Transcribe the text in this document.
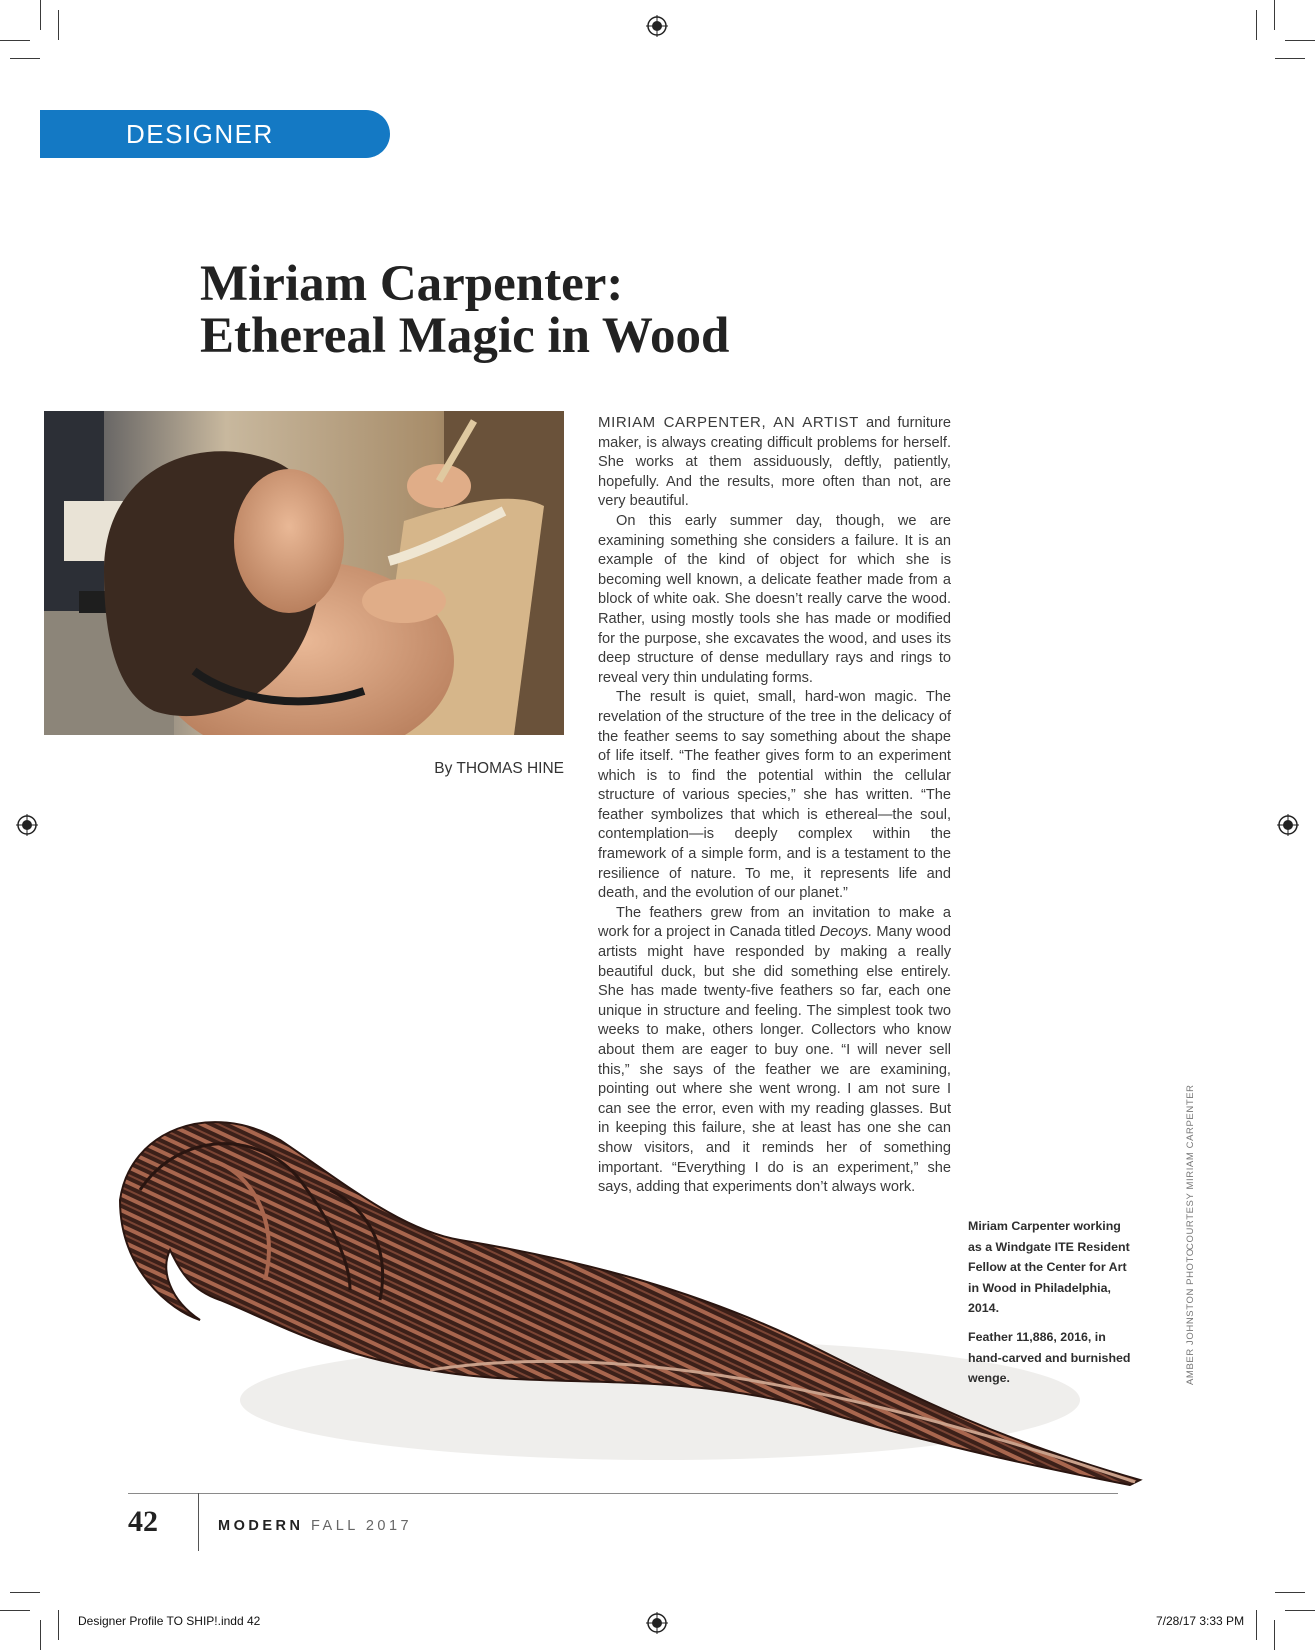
DESIGNER PROFILE
Miriam Carpenter:
Ethereal Magic in Wood
By THOMAS HINE

MIRIAM CARPENTER, AN ARTIST and furniture maker, is always creating difficult problems for herself. She works at them assiduously, deftly, patiently, hopefully. And the results, more often than not, are very beautiful.

On this early summer day, though, we are examining something she considers a failure. It is an example of the kind of object for which she is becoming well known, a delicate feather made from a block of white oak. She doesn’t really carve the wood. Rather, using mostly tools she has made or modified for the purpose, she excavates the wood, and uses its deep structure of dense medullary rays and rings to reveal very thin undulating forms.

The result is quiet, small, hard-won magic. The revelation of the structure of the tree in the delicacy of the feather seems to say something about the shape of life itself. “The feather gives form to an experiment which is to find the potential within the cellular structure of various species,” she has written. “The feather symbolizes that which is ethereal—the soul, contemplation—is deeply complex within the framework of a simple form, and is a testament to the resilience of nature. To me, it represents life and death, and the evolution of our planet.”

The feathers grew from an invitation to make a work for a project in Canada titled Decoys. Many wood artists might have responded by making a really beautiful duck, but she did something else entirely. She has made twenty-five feathers so far, each one unique in structure and feeling. The simplest took two weeks to make, others longer. Collectors who know about them are eager to buy one. “I will never sell this,” she says of the feather we are examining, pointing out where she went wrong. I am not sure I can see the error, even with my reading glasses. But in keeping this failure, she at least has one she can show visitors, and it reminds her of something important. “Everything I do is an experiment,” she says, adding that experiments don’t always work.

Miriam Carpenter working as a Windgate ITE Resident Fellow at the Center for Art in Wood in Philadelphia, 2014.
Feather 11,886, 2016, in hand-carved and burnished wenge.
COURTESY MIRIAM CARPENTER
AMBER JOHNSTON PHOTO
42	MODERN FALL 2017
Designer Profile TO SHIP!.indd 42	7/28/17 3:33 PM
